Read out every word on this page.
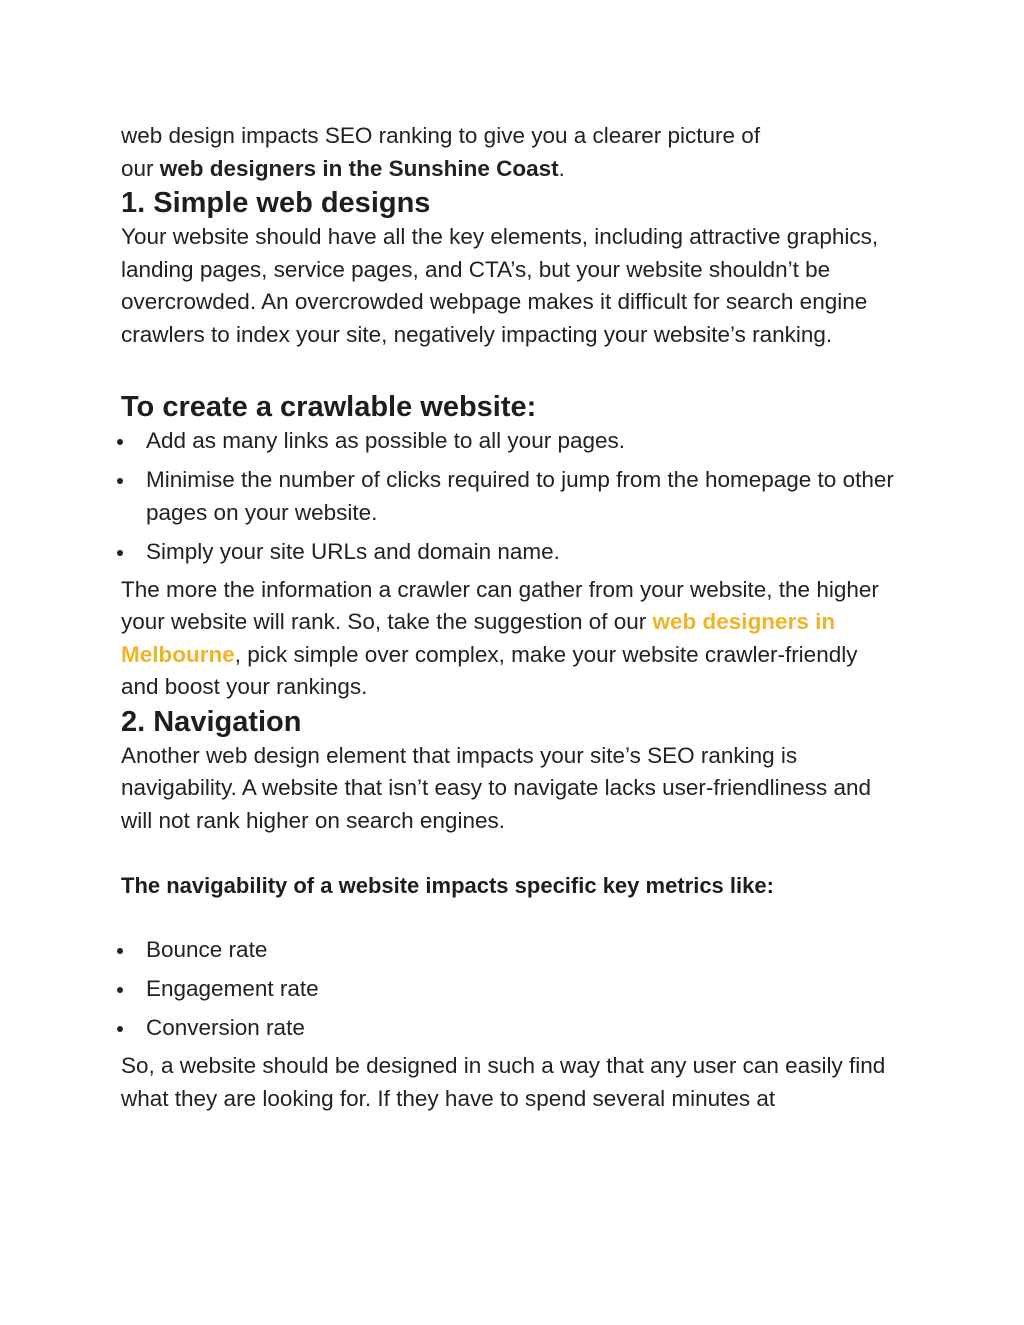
web design impacts SEO ranking to give you a clearer picture of
our web designers in the Sunshine Coast.

1. Simple web designs

Your website should have all the key elements, including attractive graphics, landing pages, service pages, and CTA’s, but your website shouldn’t be overcrowded. An overcrowded webpage makes it difficult for search engine crawlers to index your site, negatively impacting your website’s ranking.

To create a crawlable website:
Add as many links as possible to all your pages.
Minimise the number of clicks required to jump from the homepage to other pages on your website.
Simply your site URLs and domain name.

The more the information a crawler can gather from your website, the higher your website will rank. So, take the suggestion of our web designers in Melbourne, pick simple over complex, make your website crawler-friendly and boost your rankings.

2. Navigation

Another web design element that impacts your site’s SEO ranking is navigability. A website that isn’t easy to navigate lacks user-friendliness and will not rank higher on search engines.

The navigability of a website impacts specific key metrics like:
Bounce rate
Engagement rate
Conversion rate

So, a website should be designed in such a way that any user can easily find what they are looking for. If they have to spend several minutes at
